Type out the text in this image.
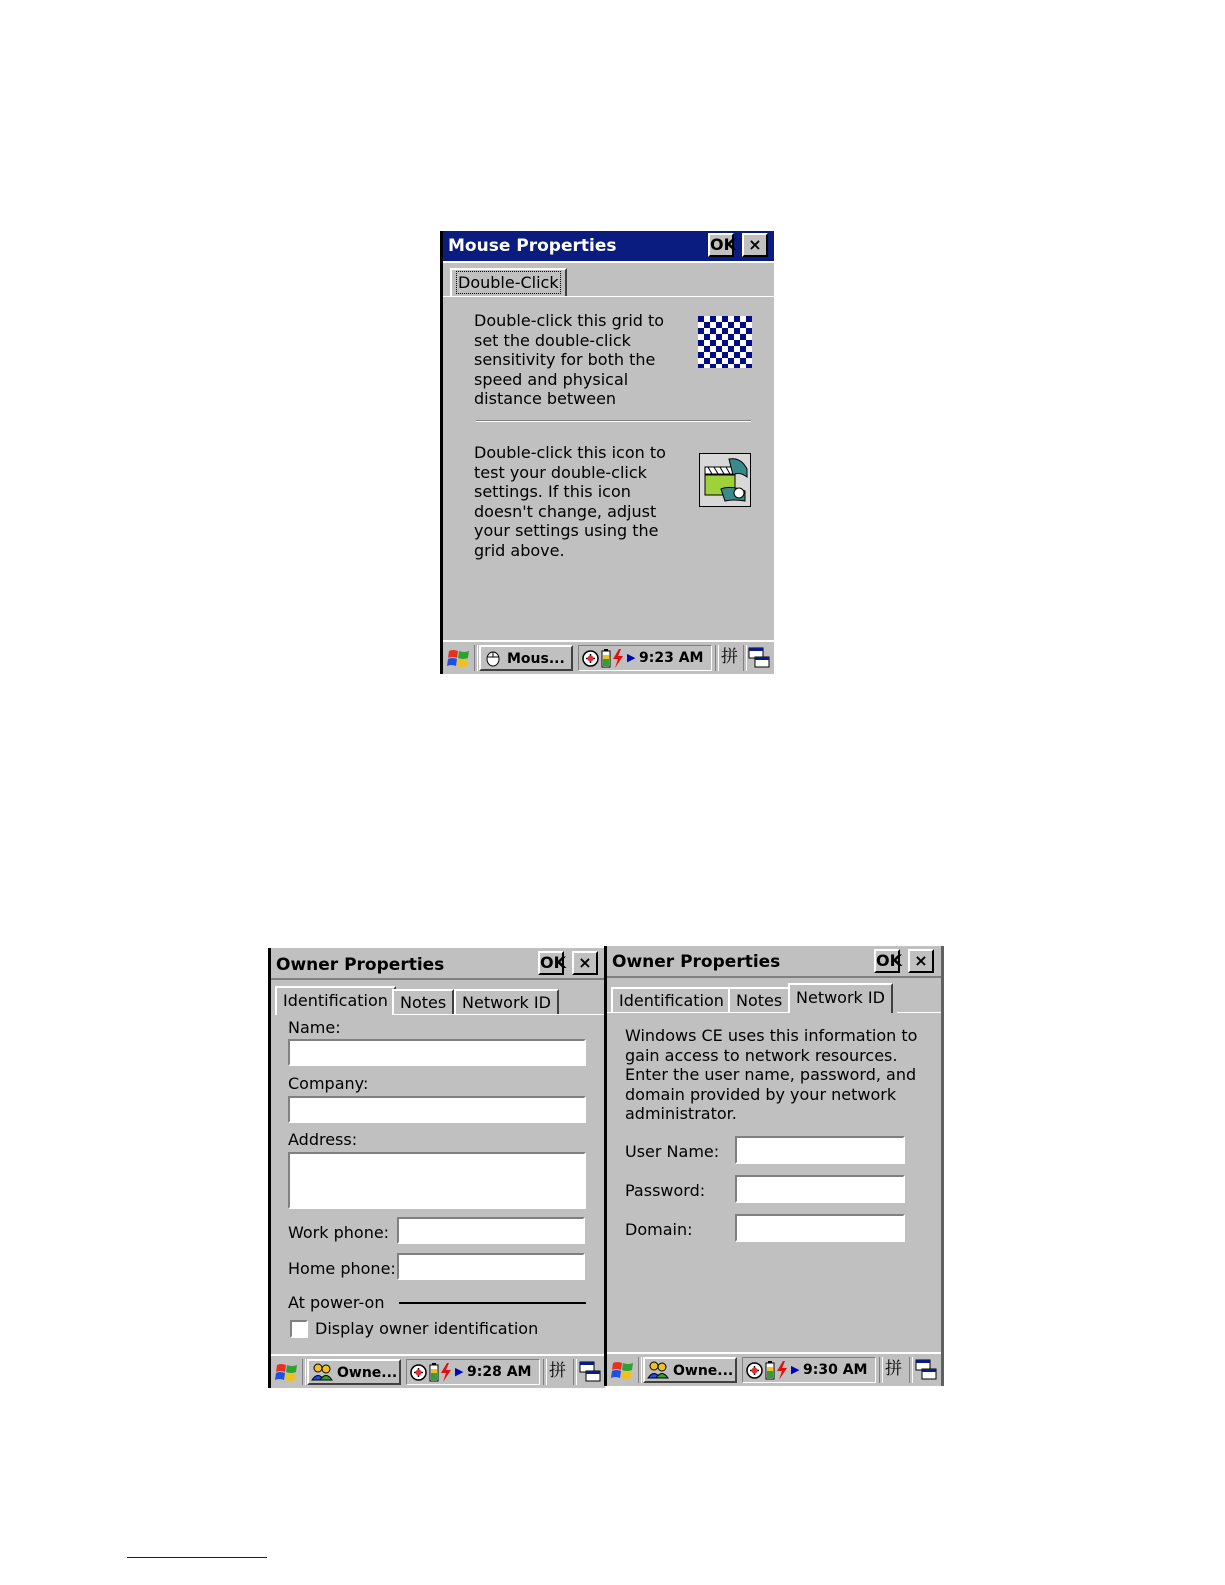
Mouse Properties	OK ×
Double-Click
Double-click this grid to
set the double-click
sensitivity for both the
speed and physical
distance between
Double-click this icon to
test your double-click
settings. If this icon
doesn't change, adjust
your settings using the
grid above.
Mous...	▶ 9:23 AM 拼
Owner Properties	OK ×
Identification Notes Network ID
Name:
Company:
Address:
Work phone:
Home phone:
At power-on
Display owner identification
Owne...	▶ 9:28 AM 拼
Owner Properties	OK ×
Identification Notes Network ID
Windows CE uses this information to
gain access to network resources.
Enter the user name, password, and
domain provided by your network
administrator.
User Name:
Password:
Domain:
Owne...	▶ 9:30 AM 拼
